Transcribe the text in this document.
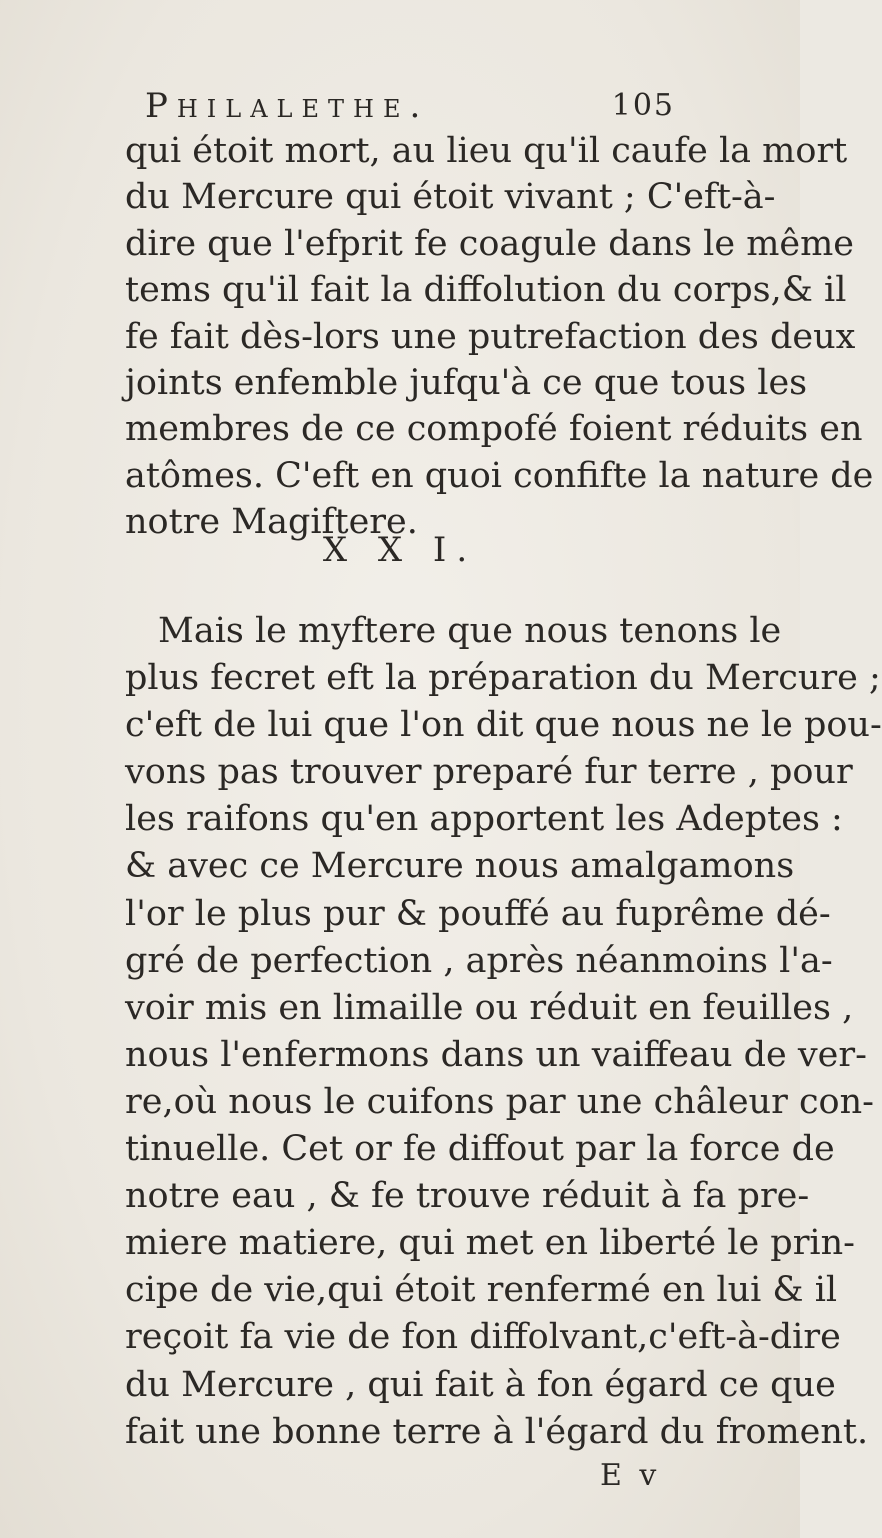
Philalethe.	105
qui étoit mort, au lieu qu'il caufe la mort
du Mercure qui étoit vivant ; C'eft-à-
dire que l'efprit fe coagule dans le même
tems qu'il fait la diffolution du corps,& il
fe fait dès-lors une putrefaction des deux
joints enfemble jufqu'à ce que tous les
membres de ce compofé foient réduits en
atômes. C'eft en quoi confifte la nature de
notre Magiftere.
X X I.
Mais le myftere que nous tenons le
plus fecret eft la préparation du Mercure ;
c'eft de lui que l'on dit que nous ne le pou-
vons pas trouver preparé fur terre , pour
les raifons qu'en apportent les Adeptes :
& avec ce Mercure nous amalgamons
l'or le plus pur & pouffé au fuprême dé-
gré de perfection , après néanmoins l'a-
voir mis en limaille ou réduit en feuilles ,
nous l'enfermons dans un vaiffeau de ver-
re,où nous le cuifons par une châleur con-
tinuelle. Cet or fe diffout par la force de
notre eau , & fe trouve réduit à fa pre-
miere matiere, qui met en liberté le prin-
cipe de vie,qui étoit renfermé en lui & il
reçoit fa vie de fon diffolvant,c'eft-à-dire
du Mercure , qui fait à fon égard ce que
fait une bonne terre à l'égard du froment.
E v
